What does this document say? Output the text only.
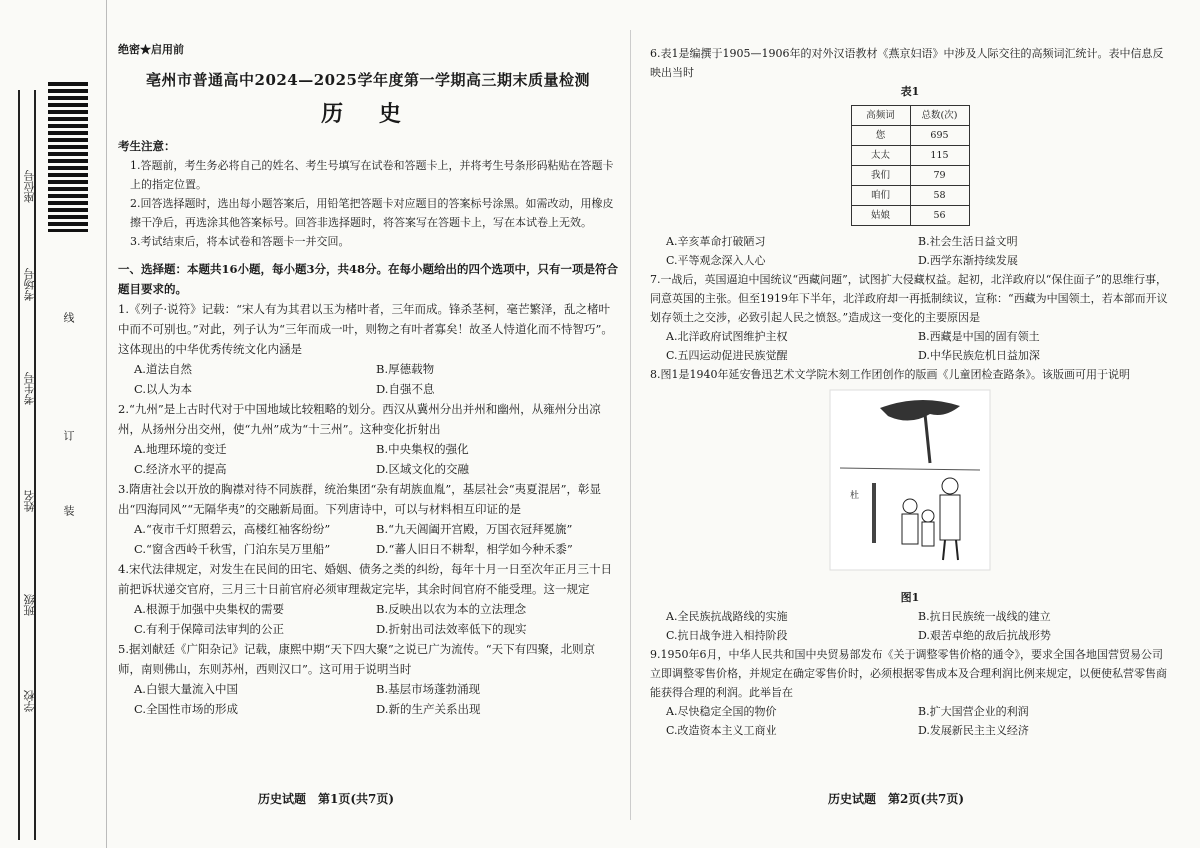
座位号
考场号
考生号
姓名
班级
学校
线
订
装
绝密★启用前
亳州市普通高中2024—2025学年度第一学期高三期末质量检测
历 史
考生注意：
1.答题前，考生务必将自己的姓名、考生号填写在试卷和答题卡上，并将考生号条形码粘贴在答题卡上的指定位置。
2.回答选择题时，选出每小题答案后，用铅笔把答题卡对应题目的答案标号涂黑。如需改动，用橡皮擦干净后，再选涂其他答案标号。回答非选择题时，将答案写在答题卡上，写在本试卷上无效。
3.考试结束后，将本试卷和答题卡一并交回。
一、选择题：本题共16小题，每小题3分，共48分。在每小题给出的四个选项中，只有一项是符合题目要求的。
1.《列子·说符》记载：“宋人有为其君以玉为楮叶者，三年而成。锋杀茎柯，毫芒繁泽，乱之楮叶中而不可别也。”对此，列子认为“三年而成一叶，则物之有叶者寡矣！故圣人恃道化而不恃智巧”。这体现出的中华优秀传统文化内涵是
A.道法自然	B.厚德载物
C.以人为本	D.自强不息
2.“九州”是上古时代对于中国地域比较粗略的划分。西汉从冀州分出并州和幽州，从雍州分出凉州，从扬州分出交州，使“九州”成为“十三州”。这种变化折射出
A.地理环境的变迁	B.中央集权的强化
C.经济水平的提高	D.区域文化的交融
3.隋唐社会以开放的胸襟对待不同族群，统治集团“杂有胡族血胤”，基层社会“夷夏混居”，彰显出“四海同风”“无隔华夷”的交融新局面。下列唐诗中，可以与材料相互印证的是
A.“夜市千灯照碧云，高楼红袖客纷纷”	B.“九天阊阖开宫殿，万国衣冠拜冕旒”
C.“窗含西岭千秋雪，门泊东吴万里船”	D.“蕃人旧日不耕犁，相学如今种禾黍”
4.宋代法律规定，对发生在民间的田宅、婚姻、债务之类的纠纷，每年十月一日至次年正月三十日前把诉状递交官府，三月三十日前官府必须审理裁定完毕，其余时间官府不能受理。这一规定
A.根源于加强中央集权的需要	B.反映出以农为本的立法理念
C.有利于保障司法审判的公正	D.折射出司法效率低下的现实
5.据刘献廷《广阳杂记》记载，康熙中期“天下四大聚”之说已广为流传。“天下有四聚，北则京师，南则佛山，东则苏州，西则汉口”。这可用于说明当时
A.白银大量流入中国	B.基层市场蓬勃涌现
C.全国性市场的形成	D.新的生产关系出现
历史试题　第1页(共7页)
6.表1是编撰于1905—1906年的对外汉语教材《燕京妇语》中涉及人际交往的高频词汇统计。表中信息反映出当时
表1
高频词	总数(次)
您	695
太太	115
我们	79
咱们	58
姑娘	56
A.辛亥革命打破陋习	B.社会生活日益文明
C.平等观念深入人心	D.西学东渐持续发展
7.一战后，英国逼迫中国统议“西藏问题”，试图扩大侵藏权益。起初，北洋政府以“保住面子”的思维行事，同意英国的主张。但至1919年下半年，北洋政府却一再抵制续议，宣称：“西藏为中国领土，若本部而开议划存领土之交涉，必致引起人民之愤怒。”造成这一变化的主要原因是
A.北洋政府试图维护主权	B.西藏是中国的固有领土
C.五四运动促进民族觉醒	D.中华民族危机日益加深
8.图1是1940年延安鲁迅艺术文学院木刻工作团创作的版画《儿童团检查路条》。该版画可用于说明
杜
图1
A.全民族抗战路线的实施	B.抗日民族统一战线的建立
C.抗日战争进入相持阶段	D.艰苦卓绝的敌后抗战形势
9.1950年6月，中华人民共和国中央贸易部发布《关于调整零售价格的通令》，要求全国各地国营贸易公司立即调整零售价格，并规定在确定零售价时，必须根据零售成本及合理利润比例来规定，以便使私营零售商能获得合理的利润。此举旨在
A.尽快稳定全国的物价	B.扩大国营企业的利润
C.改造资本主义工商业	D.发展新民主主义经济
历史试题　第2页(共7页)
